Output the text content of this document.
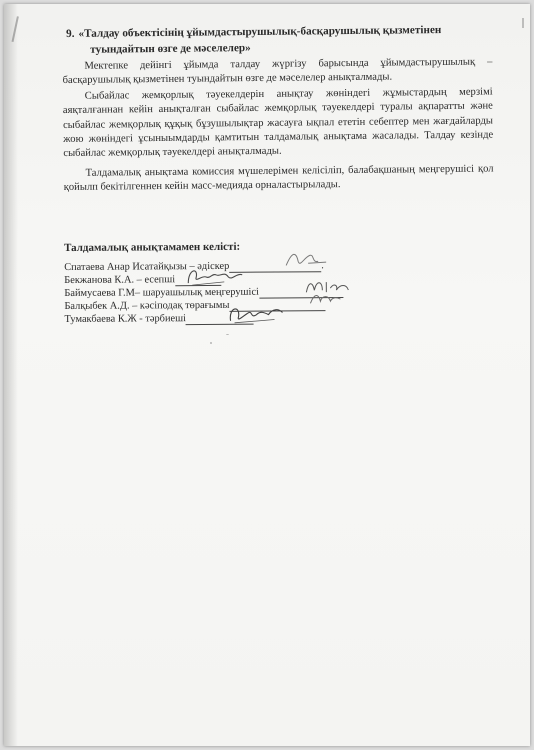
9. «Талдау объектісінің ұйымдастырушылық-басқарушылық қызметінен

туындайтын өзге де мәселелер»

Мектепке дейінгі ұйымда талдау жүргізу барысында ұйымдастырушылық – басқарушылық қызметінен туындайтын өзге де мәселелер анықталмады.

Сыбайлас жемқорлық тәуекелдерін анықтау жөніндегі жұмыстардың мерзімі аяқталғаннан кейін анықталған сыбайлас жемқорлық тәуекелдері туралы ақпаратты және сыбайлас жемқорлық құқық бұзушылықтар жасауға ықпал ететін себептер мен жағдайларды жою жөніндегі ұсыныымдарды қамтитын талдамалық анықтама жасалады. Талдау кезінде сыбайлас жемқорлық тәуекелдері анықталмады.

Талдамалық анықтама комиссия мүшелерімен келісіліп, балабақшаның меңгерушісі қол қойылп бекітілгеннен кейін масс-медияда орналастырылады.

Талдамалық анықтамамен келісті:

Спатаева Анар Исатайқызы – әдіскер	.

Бекжанова К.А. – есепші

Баймусаева Г.М– шаруашылық меңгерушісі

Балқыбек А.Д. – кәсіподақ төрағымы

Тумакбаева К.Ж - тәрбиеші
